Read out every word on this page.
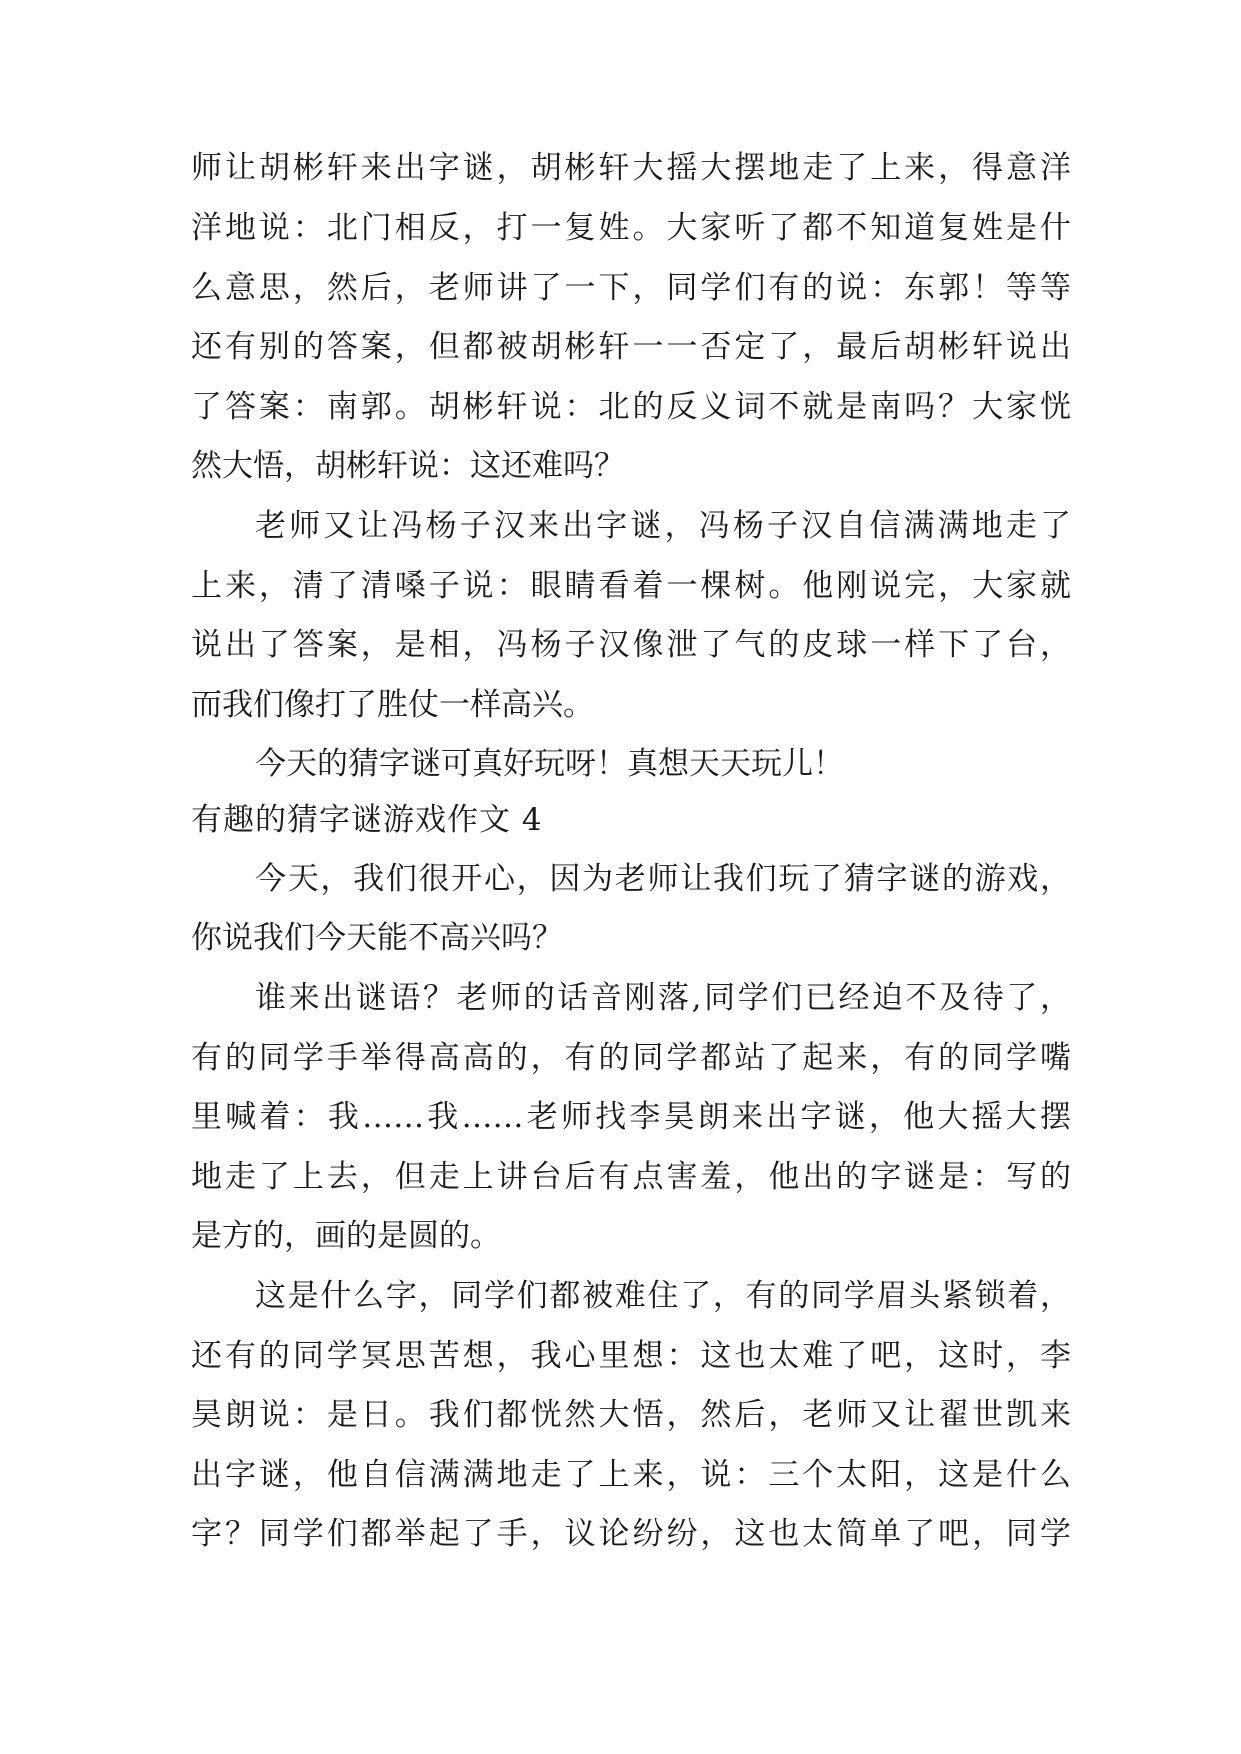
师让胡彬轩来出字谜，胡彬轩大摇大摆地走了上来，得意洋
洋地说：北门相反，打一复姓。大家听了都不知道复姓是什
么意思，然后，老师讲了一下，同学们有的说：东郭！等等
还有别的答案，但都被胡彬轩一一否定了，最后胡彬轩说出
了答案：南郭。胡彬轩说：北的反义词不就是南吗？大家恍
然大悟，胡彬轩说：这还难吗？
老师又让冯杨子汉来出字谜，冯杨子汉自信满满地走了
上来，清了清嗓子说：眼睛看着一棵树。他刚说完，大家就
说出了答案，是相，冯杨子汉像泄了气的皮球一样下了台，
而我们像打了胜仗一样高兴。
今天的猜字谜可真好玩呀！真想天天玩儿！
有趣的猜字谜游戏作文 4
今天，我们很开心，因为老师让我们玩了猜字谜的游戏，
你说我们今天能不高兴吗？
谁来出谜语？老师的话音刚落,同学们已经迫不及待了，
有的同学手举得高高的，有的同学都站了起来，有的同学嘴
里喊着：我……我……老师找李昊朗来出字谜，他大摇大摆
地走了上去，但走上讲台后有点害羞，他出的字谜是：写的
是方的，画的是圆的。
这是什么字，同学们都被难住了，有的同学眉头紧锁着，
还有的同学冥思苦想，我心里想：这也太难了吧，这时，李
昊朗说：是日。我们都恍然大悟，然后，老师又让翟世凯来
出字谜，他自信满满地走了上来，说：三个太阳，这是什么
字？同学们都举起了手，议论纷纷，这也太简单了吧，同学
